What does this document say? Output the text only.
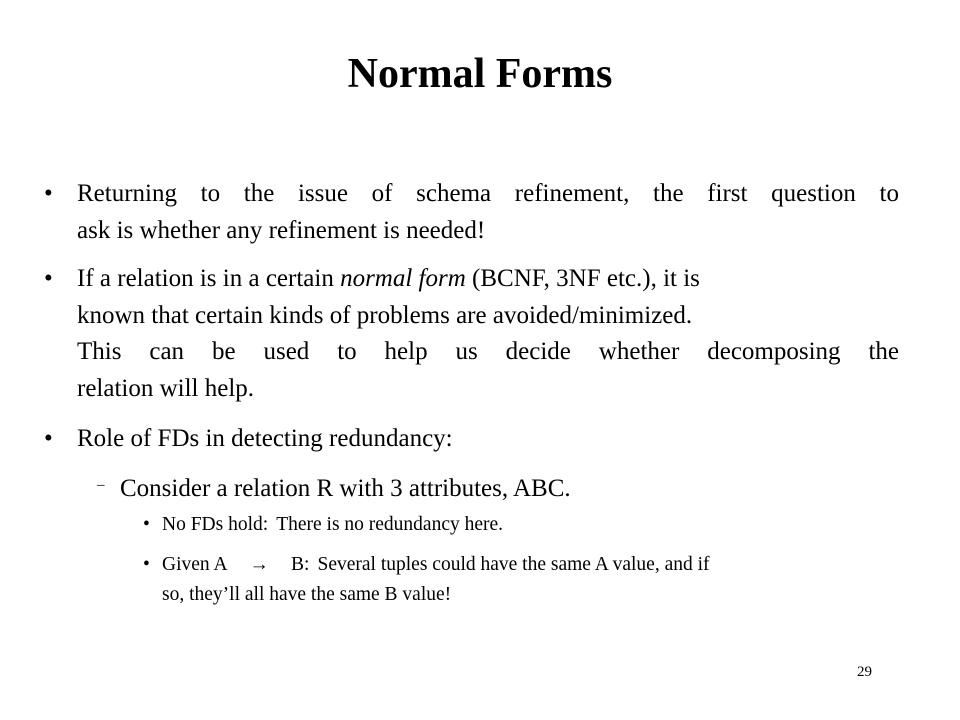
Normal Forms
• Returning to the issue of schema refinement, the first question to
ask is whether any refinement is needed!
• If a relation is in a certain normal form (BCNF, 3NF etc.), it is
known that certain kinds of problems are avoided/minimized.
This can be used to help us decide whether decomposing the
relation will help.
• Role of FDs in detecting redundancy:
– Consider a relation R with 3 attributes, ABC.
• No FDs hold: There is no redundancy here.
• Given A → B: Several tuples could have the same A value, and if
so, they’ll all have the same B value!
29
